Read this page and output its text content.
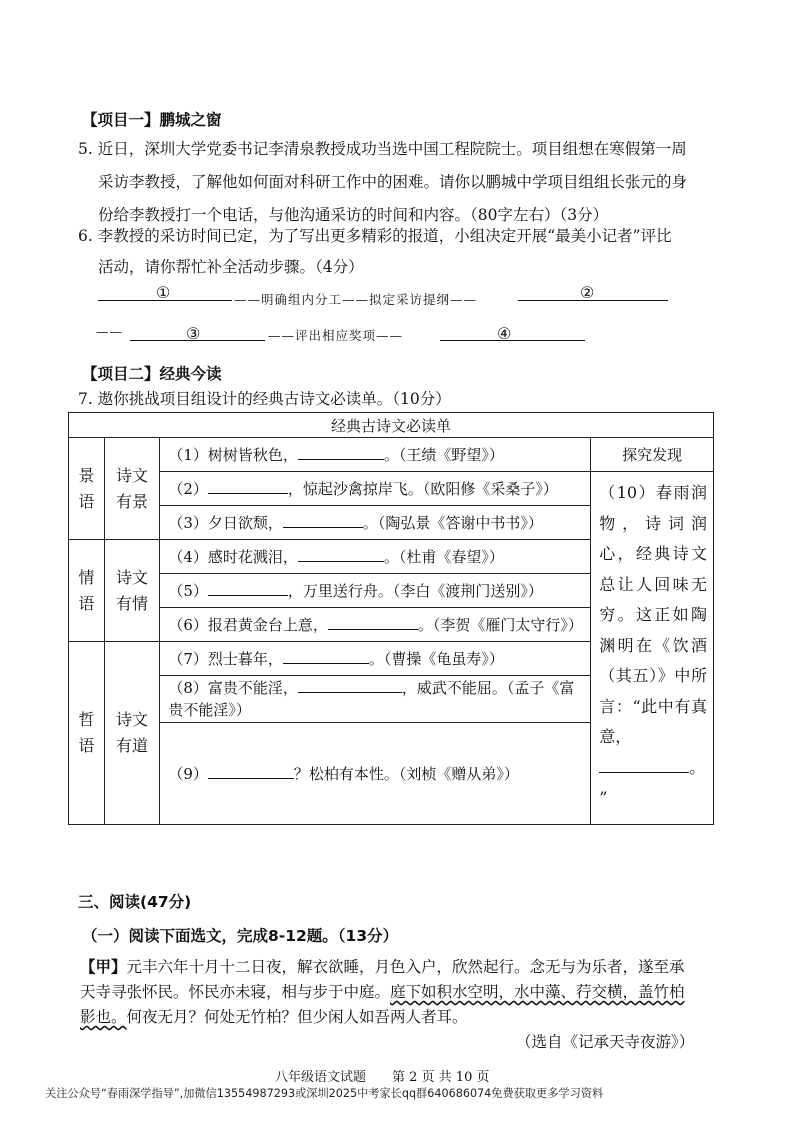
【项目一】鹏城之窗
5. 近日，深圳大学党委书记李清泉教授成功当选中国工程院院士。项目组想在寒假第一周
采访李教授，了解他如何面对科研工作中的困难。请你以鹏城中学项目组组长张元的身
份给李教授打一个电话，与他沟通采访的时间和内容。（80字左右）（3分）
6. 李教授的采访时间已定，为了写出更多精彩的报道，小组决定开展“最美小记者”评比
活动，请你帮忙补全活动步骤。（4分）
①	——明确组内分工——拟定采访提纲——	②
——	③	——评出相应奖项——	④
【项目二】经典今读
7. 遨你挑战项目组设计的经典古诗文必读单。（10分）
经典古诗文必读单			
景语	诗文有景	（1）树树皆秋色， 。（王绩《野望》）	探究发现
		（2） ，惊起沙禽掠岸飞。（欧阳修《采桑子》）	（10）春雨润物，诗词润心，经典诗文总让人回味无穷。这正如陶渊明在《饮酒（其五）》中所言：“此中有真意，
。
”
		（3）夕日欲颓， 。（陶弘景《答谢中书书》）	
情语	诗文有情	（4）感时花溅泪， 。（杜甫《春望》）	
		（5） ，万里送行舟。（李白《渡荆门送别》）	
		（6）报君黄金台上意， 。（李贺《雁门太守行》）	
哲语	诗文有道	（7）烈士暮年， 。（曹操《龟虽寿》）	
		（8）富贵不能淫， ，威武不能屈。（孟子《富
贵不能淫》）	
		（9） ？松柏有本性。（刘桢《赠从弟》）	
三、阅读(47分)
（一）阅读下面选文，完成8-12题。（13分）
【甲】元丰六年十月十二日夜，解衣欲睡，月色入户，欣然起行。念无与为乐者，遂至承
天寺寻张怀民。怀民亦未寝，相与步于中庭。庭下如积水空明，水中藻、荇交横，盖竹柏
影也。何夜无月？何处无竹柏？但少闲人如吾两人者耳。
（选自《记承天寺夜游》）
八年级语文试题　　第 2 页 共 10 页
关注公众号“春雨深学指导”,加微信13554987293或深圳2025中考家长qq群640686074免费获取更多学习资料
